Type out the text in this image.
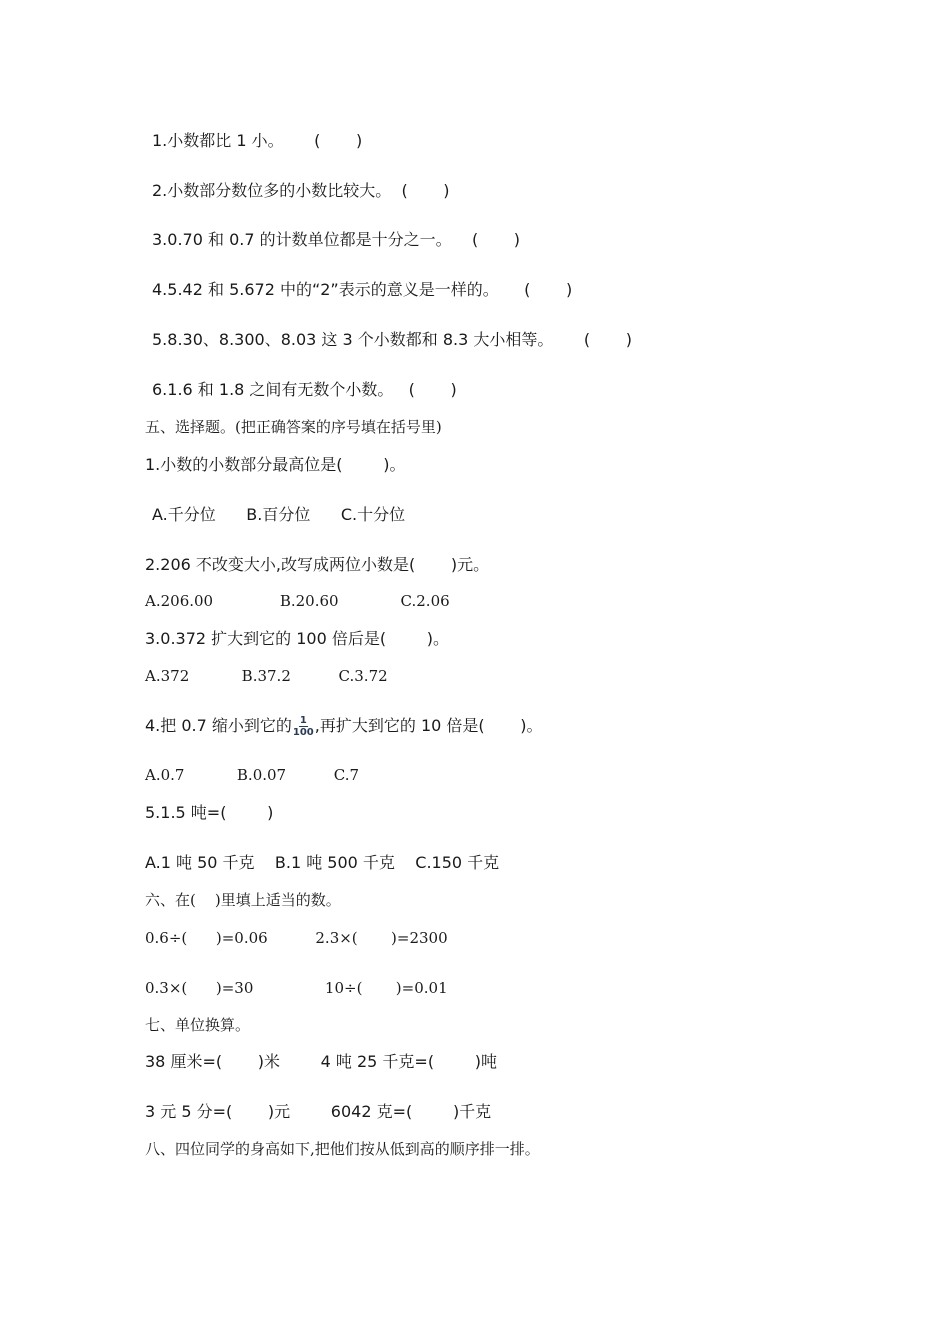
1.小数都比 1 小。      (       )
2.小数部分数位多的小数比较大。  (       )
3.0.70 和 0.7 的计数单位都是十分之一。    (       )
4.5.42 和 5.672 中的“2”表示的意义是一样的。     (       )
5.8.30、8.300、8.03 这 3 个小数都和 8.3 大小相等。      (       )
6.1.6 和 1.8 之间有无数个小数。   (       )
五、选择题。(把正确答案的序号填在括号里)
1.小数的小数部分最高位是(        )。
A.千分位      B.百分位      C.十分位
2.206 不改变大小,改写成两位小数是(       )元。
A.206.00              B.20.60             C.2.06
3.0.372 扩大到它的 100 倍后是(        )。
A.372           B.37.2          C.3.72
4.把 0.7 缩小到它的 $\frac{1}{100}$ ,再扩大到它的 10 倍是(       )。
A.0.7           B.0.07          C.7
5.1.5 吨=(        )
A.1 吨 50 千克    B.1 吨 500 千克    C.150 千克
六、在(    )里填上适当的数。
0.6÷(      )=0.06          2.3×(       )=2300
0.3×(      )=30               10÷(       )=0.01
七、单位换算。
38 厘米=(       )米        4 吨 25 千克=(        )吨
3 元 5 分=(       )元        6042 克=(        )千克
八、四位同学的身高如下,把他们按从低到高的顺序排一排。
